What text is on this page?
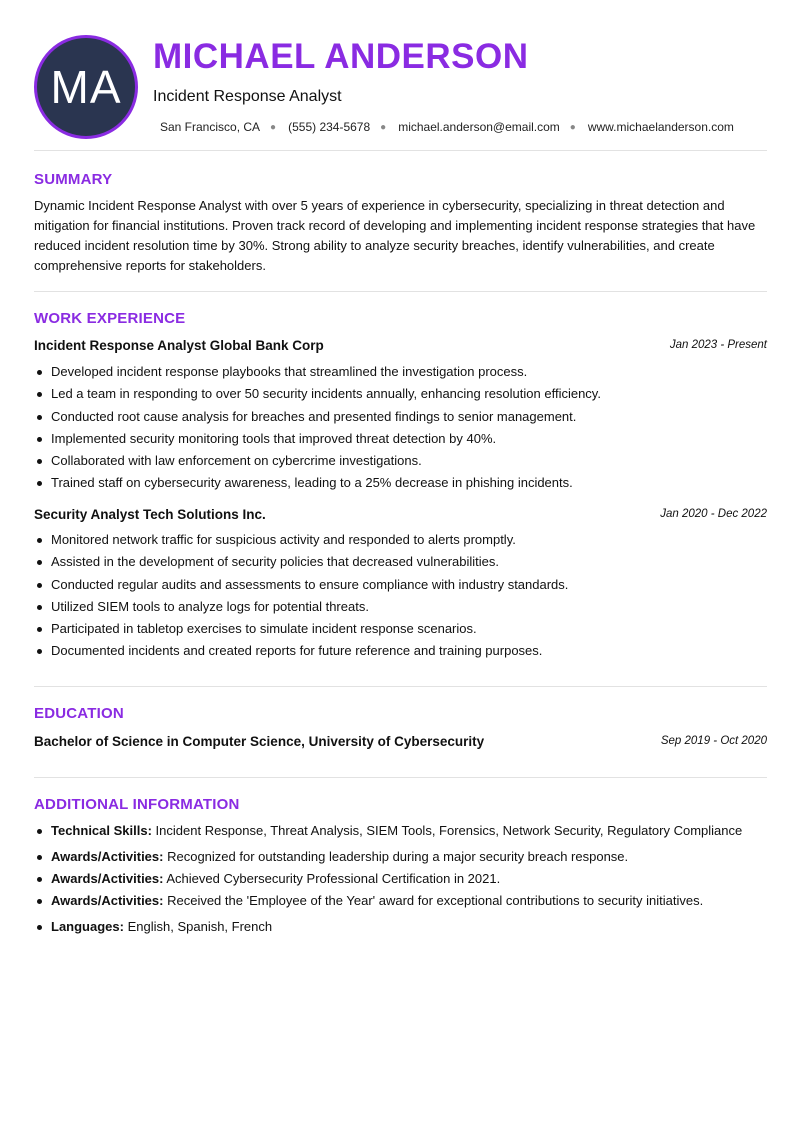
MA
MICHAEL ANDERSON
Incident Response Analyst
San Francisco, CA ● (555) 234-5678 ● michael.anderson@email.com ● www.michaelanderson.com
SUMMARY
Dynamic Incident Response Analyst with over 5 years of experience in cybersecurity, specializing in threat detection and mitigation for financial institutions. Proven track record of developing and implementing incident response strategies that have reduced incident resolution time by 30%. Strong ability to analyze security breaches, identify vulnerabilities, and create comprehensive reports for stakeholders.
WORK EXPERIENCE
Incident Response Analyst Global Bank Corp	Jan 2023 - Present
Developed incident response playbooks that streamlined the investigation process.
Led a team in responding to over 50 security incidents annually, enhancing resolution efficiency.
Conducted root cause analysis for breaches and presented findings to senior management.
Implemented security monitoring tools that improved threat detection by 40%.
Collaborated with law enforcement on cybercrime investigations.
Trained staff on cybersecurity awareness, leading to a 25% decrease in phishing incidents.
Security Analyst Tech Solutions Inc.	Jan 2020 - Dec 2022
Monitored network traffic for suspicious activity and responded to alerts promptly.
Assisted in the development of security policies that decreased vulnerabilities.
Conducted regular audits and assessments to ensure compliance with industry standards.
Utilized SIEM tools to analyze logs for potential threats.
Participated in tabletop exercises to simulate incident response scenarios.
Documented incidents and created reports for future reference and training purposes.
EDUCATION
Bachelor of Science in Computer Science, University of Cybersecurity	Sep 2019 - Oct 2020
ADDITIONAL INFORMATION
Technical Skills: Incident Response, Threat Analysis, SIEM Tools, Forensics, Network Security, Regulatory Compliance
Awards/Activities: Recognized for outstanding leadership during a major security breach response.
Awards/Activities: Achieved Cybersecurity Professional Certification in 2021.
Awards/Activities: Received the 'Employee of the Year' award for exceptional contributions to security initiatives.
Languages: English, Spanish, French
